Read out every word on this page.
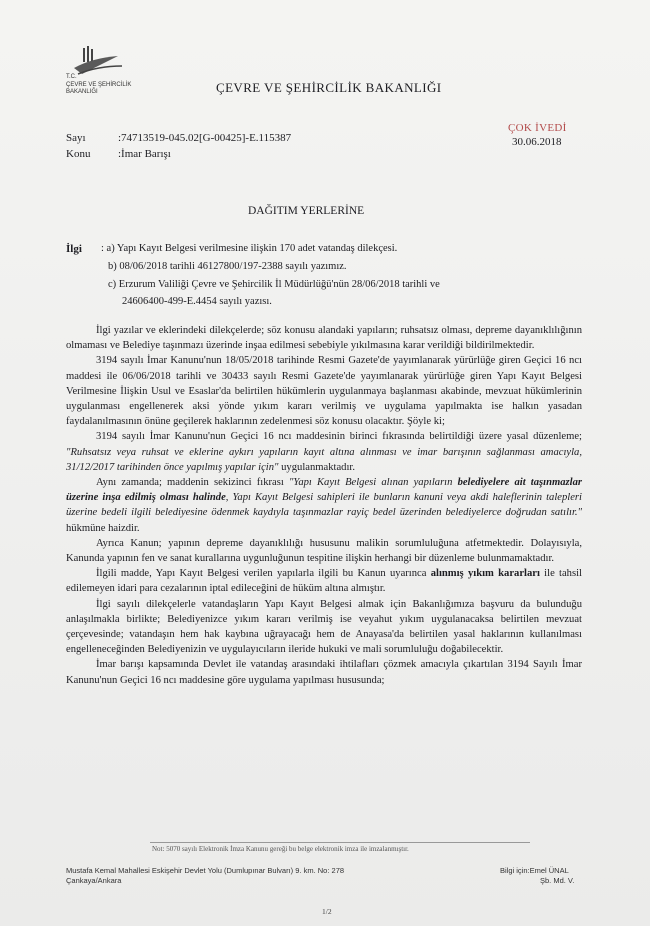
T.C.
ÇEVRE VE ŞEHİRCİLİK
BAKANLIĞI	ÇEVRE VE ŞEHİRCİLİK BAKANLIĞI
Sayı	:74713519-045.02[G-00425]-E.115387
Konu	:İmar Barışı
ÇOK İVEDİ
30.06.2018
DAĞITIM YERLERİNE
İlgi : a) Yapı Kayıt Belgesi verilmesine ilişkin 170 adet vatandaş dilekçesi.
b) 08/06/2018 tarihli 46127800/197-2388 sayılı yazımız.
c) Erzurum Valiliği Çevre ve Şehircilik İl Müdürlüğü'nün 28/06/2018 tarihli ve
24606400-499-E.4454 sayılı yazısı.

İlgi yazılar ve eklerindeki dilekçelerde; söz konusu alandaki yapıların; ruhsatsız olması, depreme dayanıklılığının olmaması ve Belediye taşınmazı üzerinde inşaa edilmesi sebebiyle yıkılmasına karar verildiği bildirilmektedir.

3194 sayılı İmar Kanunu'nun 18/05/2018 tarihinde Resmi Gazete'de yayımlanarak yürürlüğe giren Geçici 16 ncı maddesi ile 06/06/2018 tarihli ve 30433 sayılı Resmi Gazete'de yayımlanarak yürürlüğe giren Yapı Kayıt Belgesi Verilmesine İlişkin Usul ve Esaslar'da belirtilen hükümlerin uygulanmaya başlanması akabinde, mevzuat hükümlerinin uygulanması engellenerek aksi yönde yıkım kararı verilmiş ve uygulama yapılmakta ise halkın yasadan faydalanılmasının önüne geçilerek haklarının zedelenmesi söz konusu olacaktır. Şöyle ki;

3194 sayılı İmar Kanunu'nun Geçici 16 ncı maddesinin birinci fıkrasında belirtildiği üzere yasal düzenleme; "Ruhsatsız veya ruhsat ve eklerine aykırı yapıların kayıt altına alınması ve imar barışının sağlanması amacıyla, 31/12/2017 tarihinden önce yapılmış yapılar için" uygulanmaktadır.

Aynı zamanda; maddenin sekizinci fıkrası "Yapı Kayıt Belgesi alınan yapıların belediyelere ait taşınmazlar üzerine inşa edilmiş olması halinde, Yapı Kayıt Belgesi sahipleri ile bunların kanuni veya akdi haleflerinin talepleri üzerine bedeli ilgili belediyesine ödenmek kaydıyla taşınmazlar rayiç bedel üzerinden belediyelerce doğrudan satılır." hükmüne haizdir.

Ayrıca Kanun; yapının depreme dayanıklılığı hususunu malikin sorumluluğuna atfetmektedir. Dolayısıyla, Kanunda yapının fen ve sanat kurallarına uygunluğunun tespitine ilişkin herhangi bir düzenleme bulunmamaktadır.

İlgili madde, Yapı Kayıt Belgesi verilen yapılarla ilgili bu Kanun uyarınca alınmış yıkım kararları ile tahsil edilemeyen idari para cezalarının iptal edileceğini de hüküm altına almıştır.

İlgi sayılı dilekçelerle vatandaşların Yapı Kayıt Belgesi almak için Bakanlığımıza başvuru da bulunduğu anlaşılmakla birlikte; Belediyenizce yıkım kararı verilmiş ise veyahut yıkım uygulanacaksa belirtilen mevzuat çerçevesinde; vatandaşın hem hak kaybına uğrayacağı hem de Anayasa'da belirtilen yasal haklarının kullanılması engelleneceğinden Belediyenizin ve uygulayıcıların ileride hukuki ve mali sorumluluğu doğabilecektir.

İmar barışı kapsamında Devlet ile vatandaş arasındaki ihtilafları çözmek amacıyla çıkartılan 3194 Sayılı İmar Kanunu'nun Geçici 16 ncı maddesine göre uygulama yapılması hususunda;

Not: 5070 sayılı Elektronik İmza Kanunu gereği bu belge elektronik imza ile imzalanmıştır.
Mustafa Kemal Mahallesi Eskişehir Devlet Yolu (Dumlupınar Bulvarı) 9. km. No: 278
Çankaya/Ankara
Bilgi için:Emel ÜNAL
Şb. Md. V.
1/2
